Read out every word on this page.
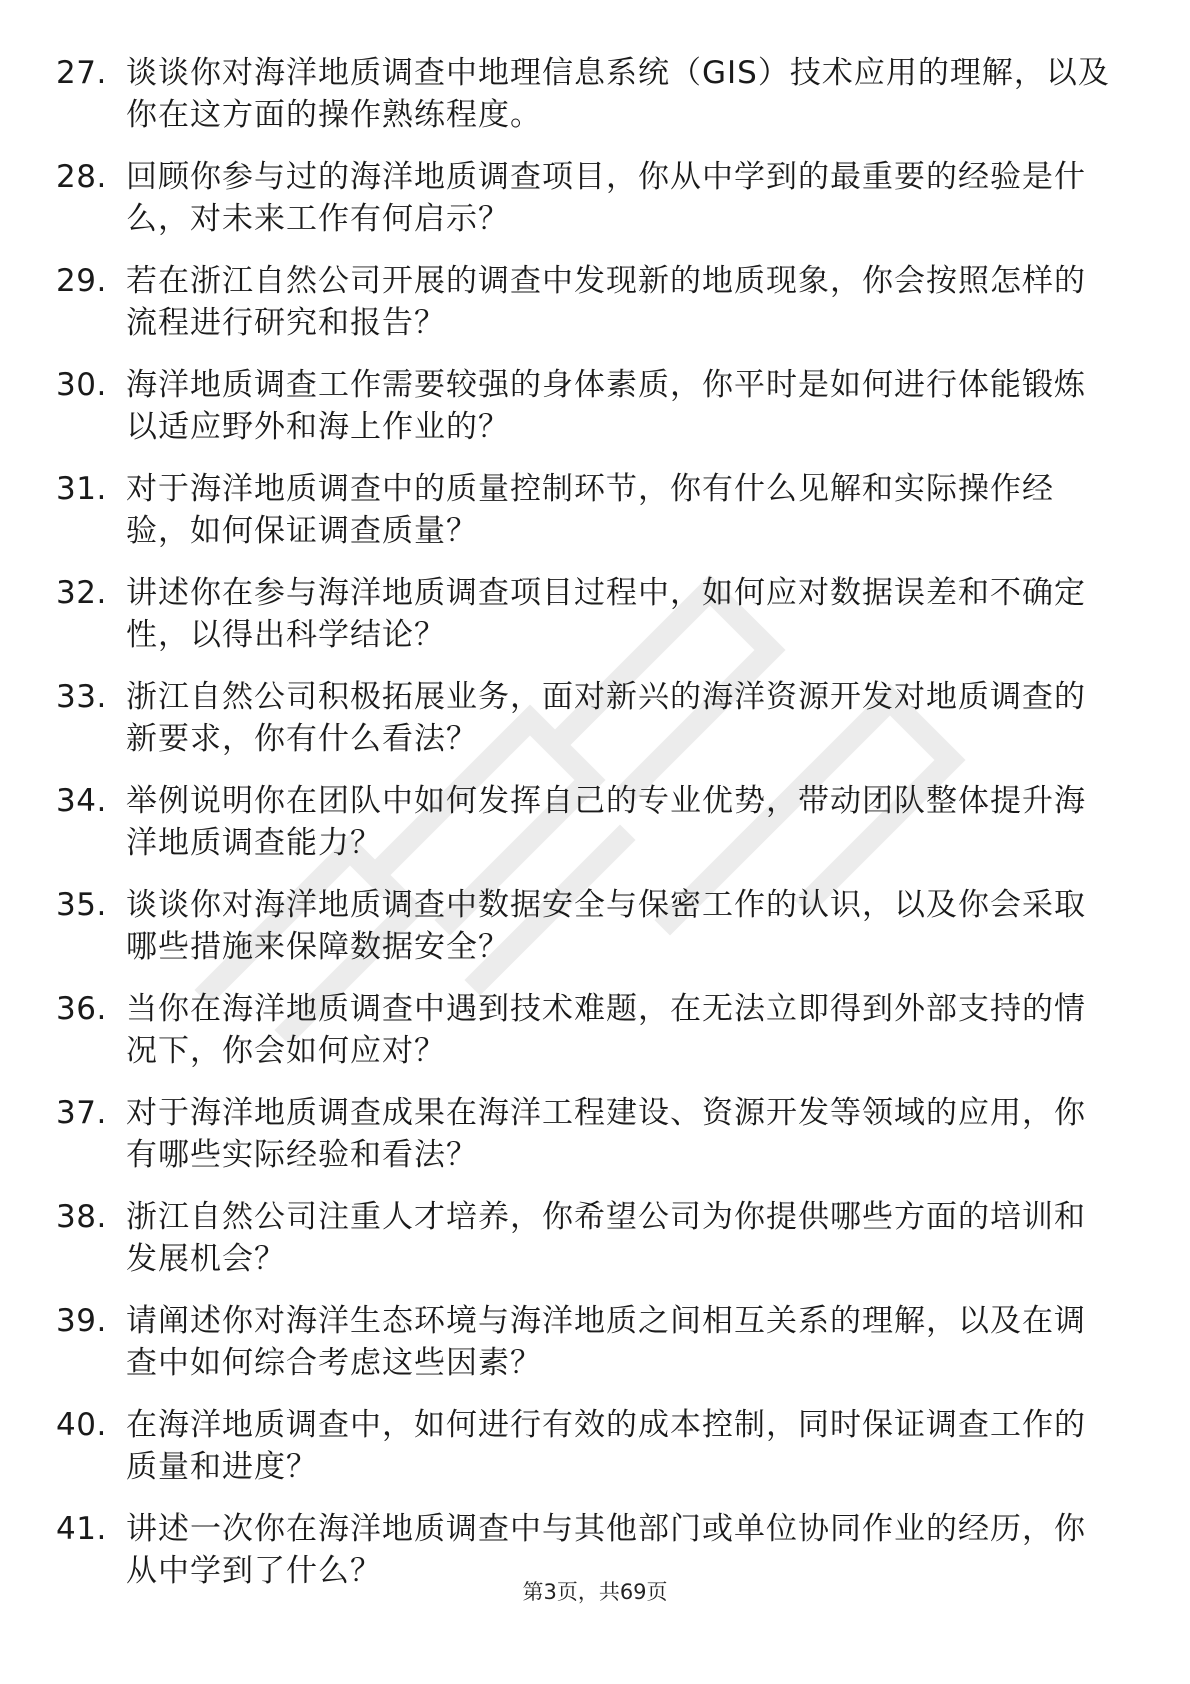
27. 谈谈你对海洋地质调查中地理信息系统（GIS）技术应用的理解，以及你在这方面的操作熟练程度。
28. 回顾你参与过的海洋地质调查项目，你从中学到的最重要的经验是什么，对未来工作有何启示？
29. 若在浙江自然公司开展的调查中发现新的地质现象，你会按照怎样的流程进行研究和报告？
30. 海洋地质调查工作需要较强的身体素质，你平时是如何进行体能锻炼以适应野外和海上作业的？
31. 对于海洋地质调查中的质量控制环节，你有什么见解和实际操作经验，如何保证调查质量？
32. 讲述你在参与海洋地质调查项目过程中，如何应对数据误差和不确定性，以得出科学结论？
33. 浙江自然公司积极拓展业务，面对新兴的海洋资源开发对地质调查的新要求，你有什么看法？
34. 举例说明你在团队中如何发挥自己的专业优势，带动团队整体提升海洋地质调查能力？
35. 谈谈你对海洋地质调查中数据安全与保密工作的认识，以及你会采取哪些措施来保障数据安全？
36. 当你在海洋地质调查中遇到技术难题，在无法立即得到外部支持的情况下，你会如何应对？
37. 对于海洋地质调查成果在海洋工程建设、资源开发等领域的应用，你有哪些实际经验和看法？
38. 浙江自然公司注重人才培养，你希望公司为你提供哪些方面的培训和发展机会？
39. 请阐述你对海洋生态环境与海洋地质之间相互关系的理解，以及在调查中如何综合考虑这些因素？
40. 在海洋地质调查中，如何进行有效的成本控制，同时保证调查工作的质量和进度？
41. 讲述一次你在海洋地质调查中与其他部门或单位协同作业的经历，你从中学到了什么？
第3页，共69页
